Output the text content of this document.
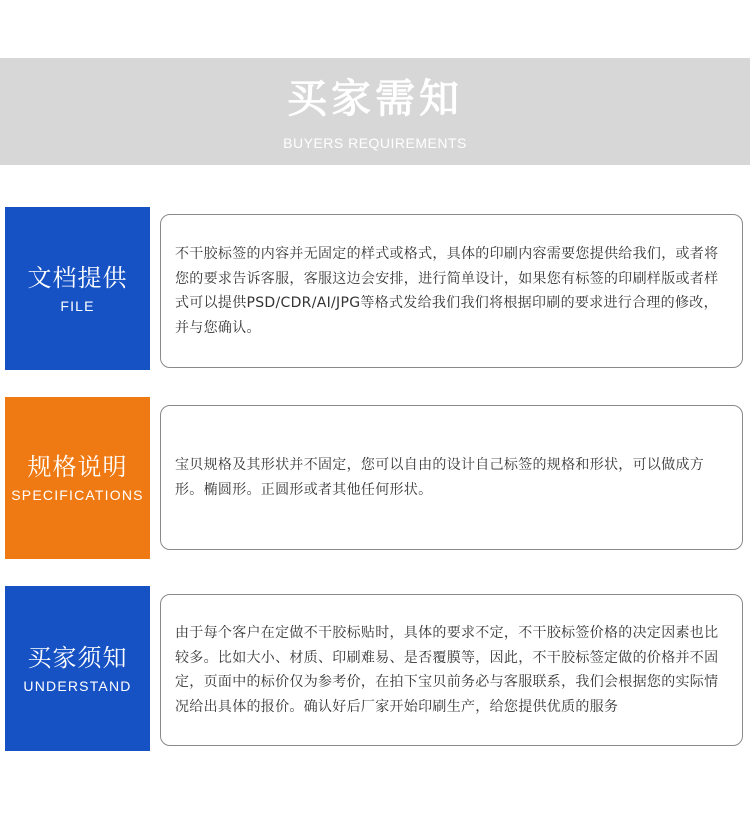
买家需知
BUYERS REQUIREMENTS
文档提供
FILE

不干胶标签的内容并无固定的样式或格式，具体的印刷内容需要您提供给我们，或者将您的要求告诉客服，客服这边会安排，进行简单设计，如果您有标签的印刷样版或者样式可以提供PSD/CDR/AI/JPG等格式发给我们我们将根据印刷的要求进行合理的修改，并与您确认。

规格说明
SPECIFICATIONS

宝贝规格及其形状并不固定，您可以自由的设计自己标签的规格和形状，可以做成方形。椭圆形。正圆形或者其他任何形状。

买家须知
UNDERSTAND

由于每个客户在定做不干胶标贴时，具体的要求不定，不干胶标签价格的决定因素也比较多。比如大小、材质、印刷难易、是否覆膜等，因此，不干胶标签定做的价格并不固定，页面中的标价仅为参考价，在拍下宝贝前务必与客服联系，我们会根据您的实际情况给出具体的报价。确认好后厂家开始印刷生产，给您提供优质的服务
